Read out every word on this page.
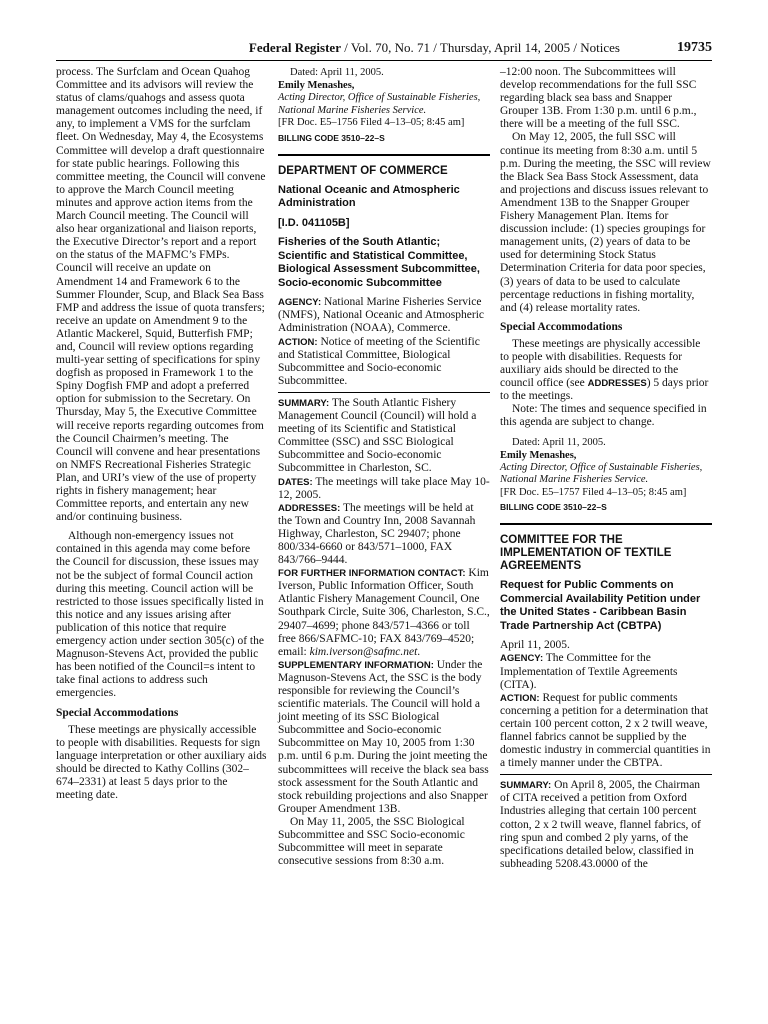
Federal Register / Vol. 70, No. 71 / Thursday, April 14, 2005 / Notices	19735

process. The Surfclam and Ocean Quahog Committee and its advisors will review the status of clams/quahogs and assess quota management outcomes including the need, if any, to implement a VMS for the surfclam fleet. On Wednesday, May 4, the Ecosystems Committee will develop a draft questionnaire for state public hearings. Following this committee meeting, the Council will convene to approve the March Council meeting minutes and approve action items from the March Council meeting. The Council will also hear organizational and liaison reports, the Executive Director’s report and a report on the status of the MAFMC’s FMPs. Council will receive an update on Amendment 14 and Framework 6 to the Summer Flounder, Scup, and Black Sea Bass FMP and address the issue of quota transfers; receive an update on Amendment 9 to the Atlantic Mackerel, Squid, Butterfish FMP; and, Council will review options regarding multi-year setting of specifications for spiny dogfish as proposed in Framework 1 to the Spiny Dogfish FMP and adopt a preferred option for submission to the Secretary. On Thursday, May 5, the Executive Committee will receive reports regarding outcomes from the Council Chairmen’s meeting. The Council will convene and hear presentations on NMFS Recreational Fisheries Strategic Plan, and URI’s view of the use of property rights in fishery management; hear Committee reports, and entertain any new and/or continuing business.

Although non-emergency issues not contained in this agenda may come before the Council for discussion, these issues may not be the subject of formal Council action during this meeting. Council action will be restricted to those issues specifically listed in this notice and any issues arising after publication of this notice that require emergency action under section 305(c) of the Magnuson-Stevens Act, provided the public has been notified of the Council=s intent to take final actions to address such emergencies.

Special Accommodations

These meetings are physically accessible to people with disabilities. Requests for sign language interpretation or other auxiliary aids should be directed to Kathy Collins (302–674–2331) at least 5 days prior to the meeting date.

Dated: April 11, 2005.

Emily Menashes,

Acting Director, Office of Sustainable Fisheries, National Marine Fisheries Service.

[FR Doc. E5–1756 Filed 4–13–05; 8:45 am]

BILLING CODE 3510–22–S

DEPARTMENT OF COMMERCE

National Oceanic and Atmospheric Administration

[I.D. 041105B]

Fisheries of the South Atlantic; Scientific and Statistical Committee, Biological Assessment Subcommittee, Socio-economic Subcommittee

AGENCY: National Marine Fisheries Service (NMFS), National Oceanic and Atmospheric Administration (NOAA), Commerce.

ACTION: Notice of meeting of the Scientific and Statistical Committee, Biological Subcommittee and Socio-economic Subcommittee.

SUMMARY: The South Atlantic Fishery Management Council (Council) will hold a meeting of its Scientific and Statistical Committee (SSC) and SSC Biological Subcommittee and Socio-economic Subcommittee in Charleston, SC.

DATES: The meetings will take place May 10-12, 2005.

ADDRESSES: The meetings will be held at the Town and Country Inn, 2008 Savannah Highway, Charleston, SC 29407; phone 800/334-6660 or 843/571–1000, FAX 843/766–9444.

FOR FURTHER INFORMATION CONTACT: Kim Iverson, Public Information Officer, South Atlantic Fishery Management Council, One Southpark Circle, Suite 306, Charleston, S.C., 29407–4699; phone 843/571–4366 or toll free 866/SAFMC-10; FAX 843/769–4520; email: kim.iverson@safmc.net.

SUPPLEMENTARY INFORMATION: Under the Magnuson-Stevens Act, the SSC is the body responsible for reviewing the Council’s scientific materials. The Council will hold a joint meeting of its SSC Biological Subcommittee and Socio-economic Subcommittee on May 10, 2005 from 1:30 p.m. until 6 p.m. During the joint meeting the subcommittees will receive the black sea bass stock assessment for the South Atlantic and stock rebuilding projections and also Snapper Grouper Amendment 13B.

On May 11, 2005, the SSC Biological Subcommittee and SSC Socio-economic Subcommittee will meet in separate consecutive sessions from 8:30 a.m.

–12:00 noon. The Subcommittees will develop recommendations for the full SSC regarding black sea bass and Snapper Grouper 13B. From 1:30 p.m. until 6 p.m., there will be a meeting of the full SSC.

On May 12, 2005, the full SSC will continue its meeting from 8:30 a.m. until 5 p.m. During the meeting, the SSC will review the Black Sea Bass Stock Assessment, data and projections and discuss issues relevant to Amendment 13B to the Snapper Grouper Fishery Management Plan. Items for discussion include: (1) species groupings for management units, (2) years of data to be used for determining Stock Status Determination Criteria for data poor species, (3) years of data to be used to calculate percentage reductions in fishing mortality, and (4) release mortality rates.

Special Accommodations

These meetings are physically accessible to people with disabilities. Requests for auxiliary aids should be directed to the council office (see ADDRESSES) 5 days prior to the meetings.

Note: The times and sequence specified in this agenda are subject to change.

Dated: April 11, 2005.

Emily Menashes,

Acting Director, Office of Sustainable Fisheries, National Marine Fisheries Service.

[FR Doc. E5–1757 Filed 4–13–05; 8:45 am]

BILLING CODE 3510–22–S

COMMITTEE FOR THE IMPLEMENTATION OF TEXTILE AGREEMENTS

Request for Public Comments on Commercial Availability Petition under the United States - Caribbean Basin Trade Partnership Act (CBTPA)

April 11, 2005.

AGENCY: The Committee for the Implementation of Textile Agreements (CITA).

ACTION: Request for public comments concerning a petition for a determination that certain 100 percent cotton, 2 x 2 twill weave, flannel fabrics cannot be supplied by the domestic industry in commercial quantities in a timely manner under the CBTPA.

SUMMARY: On April 8, 2005, the Chairman of CITA received a petition from Oxford Industries alleging that certain 100 percent cotton, 2 x 2 twill weave, flannel fabrics, of ring spun and combed 2 ply yarns, of the specifications detailed below, classified in subheading 5208.43.0000 of the
